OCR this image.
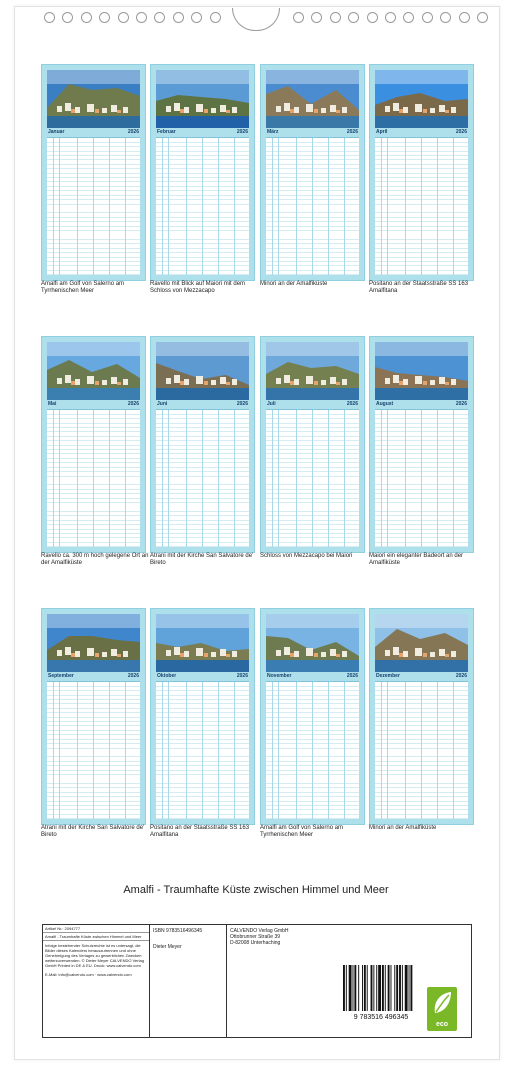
Januar	2026
Amalfi am Golf von Salerno am Tyrrhenischen Meer
Februar	2026
Ravello mit Blick auf Maiori mit dem Schloss von Mezzacapo
März	2026
Minori an der Amalfiküste
April	2026
Positano an der Staatsstraße SS 163 Amalfitana
Mai	2026
Ravello ca. 300 m hoch gelegene Ort an der Amalfiküste
Juni	2026
Atrani mit der Kirche San Salvatore de' Bireto
Juli	2026
Schloss von Mezzacapo bei Maiori
August	2026
Maiori ein eleganter Badeort an der Amalfiküste
September	2026
Atrani mit der Kirche San Salvatore de' Bireto
Oktober	2026
Positano an der Staatsstraße SS 163 Amalfitana
November	2026
Amalfi am Golf von Salerno am Tyrrhenischen Meer
Dezember	2026
Minori an der Amalfiküste
Amalfi - Traumhafte Küste zwischen Himmel und Meer
Artikel Nr.: 2094777
Amalfi - Traumhafte Küste zwischen Himmel und Meer
Infolge bestehender Schutzrechte ist es untersagt, die Bilder dieses Kalenders herauszutrennen und ohne Genehmigung des Verlages zu gewerblichen Zwecken weiterzuverwenden. © Dieter Meyer CALVENDO Verlag GmbH Printed in DE & EU. Druck: www.calvendo.com
E-Mail: info@calvendo.com · www.calvendo.com
ISBN 9783516496345
Dieter Meyer
CALVENDO Verlag GmbH
Ottobrunner Straße 39
D-82008 Unterhaching
9 783516 496345
eco
